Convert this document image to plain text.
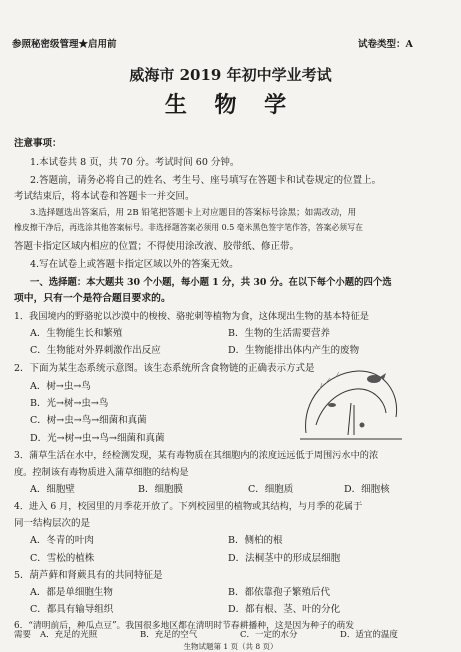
参照秘密级管理★启用前	试卷类型：A
威海市 2019 年初中学业考试
生 物 学
注意事项：
1.本试卷共 8 页，共 70 分。考试时间 60 分钟。
2.答题前，请务必将自己的姓名、考生号、座号填写在答题卡和试卷规定的位置上。
考试结束后，将本试卷和答题卡一并交回。
3.选择题选出答案后，用 2B 铅笔把答题卡上对应题目的答案标号涂黑；如需改动，用
橡皮擦干净后，再选涂其他答案标号。非选择题答案必须用 0.5 毫米黑色签字笔作答，答案必须写在
答题卡指定区域内相应的位置；不得使用涂改液、胶带纸、修正带。
4.写在试卷上或答题卡指定区域以外的答案无效。
一、选择题：本大题共 30 个小题，每小题 1 分，共 30 分。在以下每个小题的四个选
项中，只有一个是符合题目要求的。
1．我国境内的野骆驼以沙漠中的梭梭、骆驼刺等植物为食，这体现出生物的基本特征是
A．生物能生长和繁殖	B．生物的生活需要营养
C．生物能对外界刺激作出反应	D．生物能排出体内产生的废物
2．下面为某生态系统示意图。该生态系统所含食物链的正确表示方式是
A．树→虫→鸟
B．光→树→虫→鸟
C．树→虫→鸟→细菌和真菌
D．光→树→虫→鸟→细菌和真菌
3．蒲草生活在水中，经检测发现，某有毒物质在其细胞内的浓度远远低于周围污水中的浓
度。控制该有毒物质进入蒲草细胞的结构是
A．细胞壁	B．细胞膜	C．细胞质	D．细胞核
4．进入 6 月，校园里的月季花开放了。下列校园里的植物或其结构，与月季的花属于
同一结构层次的是
A．冬青的叶肉	B．侧柏的根
C．雪松的植株	D．法桐茎中的形成层细胞
5．葫芦藓和肾蕨具有的共同特征是
A．都是单细胞生物	B．都依靠孢子繁殖后代
C．都具有输导组织	D．都有根、茎、叶的分化
6．“清明前后，种瓜点豆”。我国很多地区都在清明时节春耕播种，这是因为种子的萌发
需要
生物试题第 1 页（共 8 页）
A．充足的光照	B．充足的空气	C．一定的水分	D．适宜的温度
